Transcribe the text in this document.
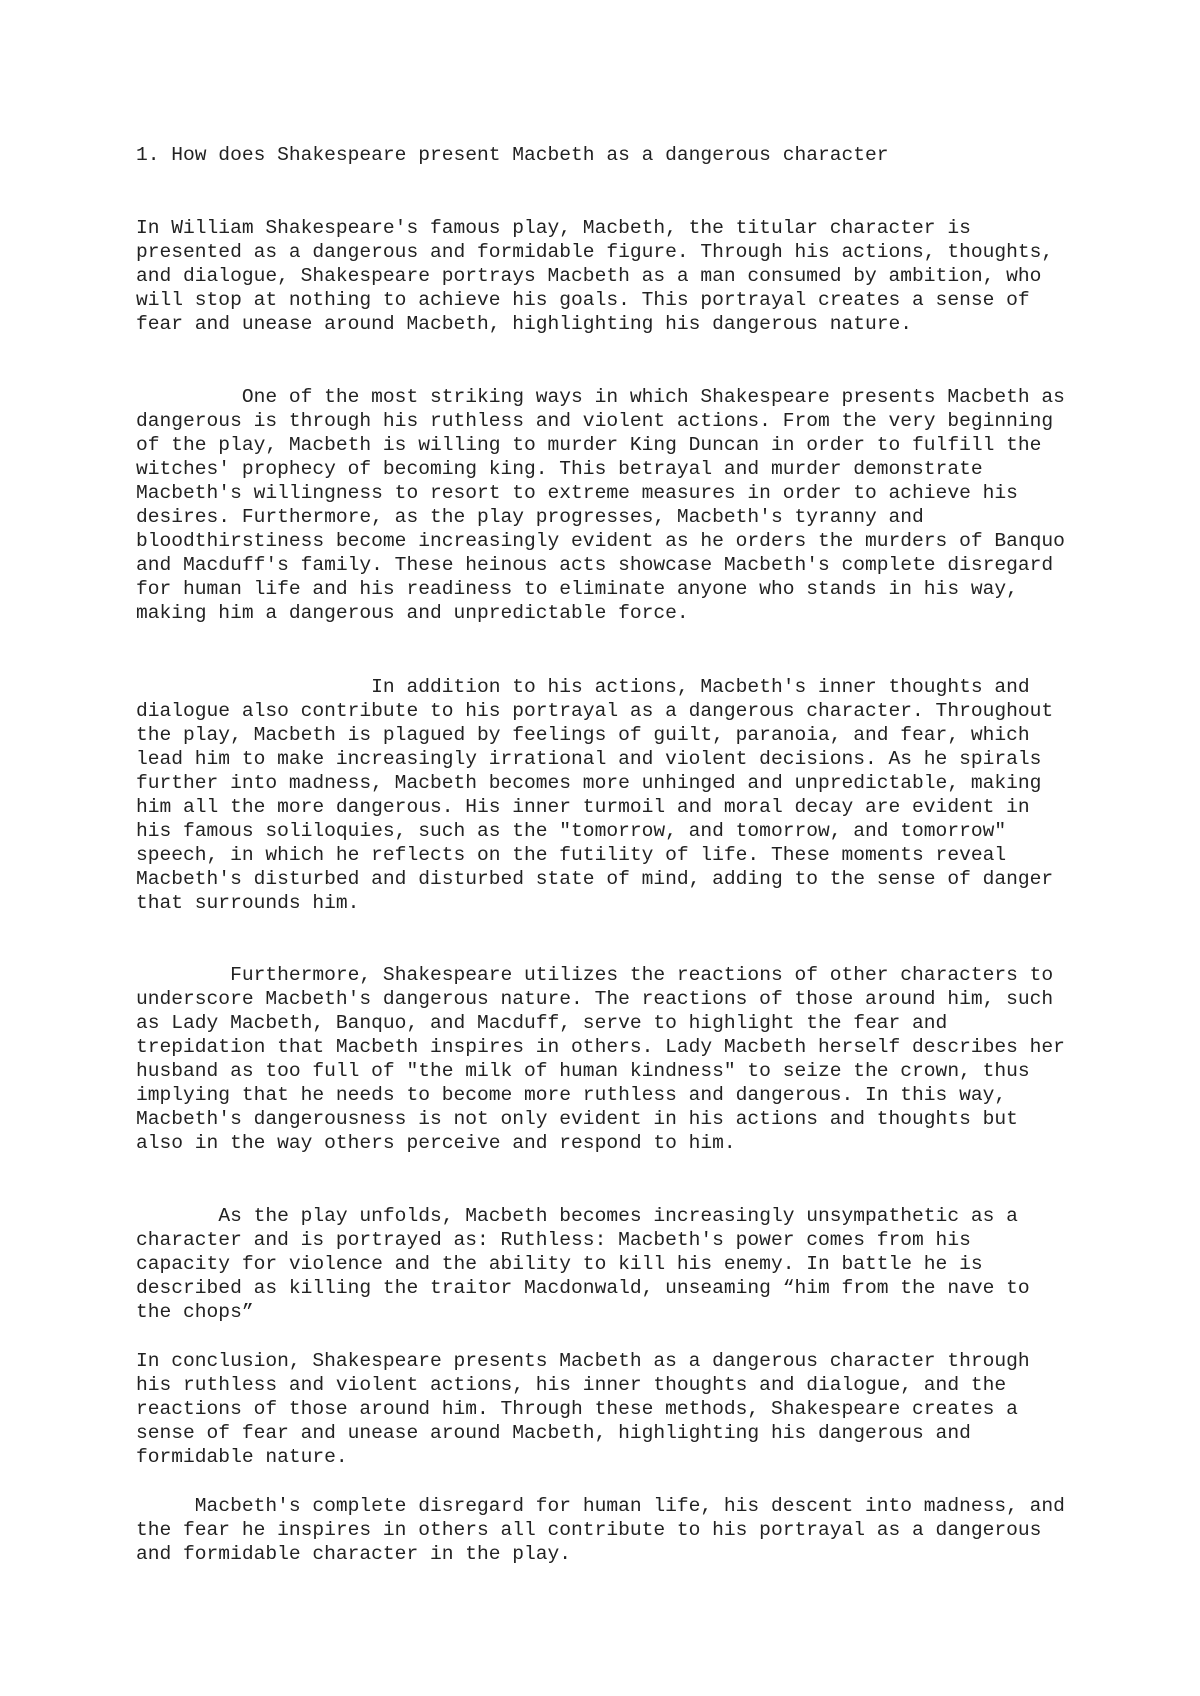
1. How does Shakespeare present Macbeth as a dangerous character
In William Shakespeare's famous play, Macbeth, the titular character is presented as a dangerous and formidable figure. Through his actions, thoughts, and dialogue, Shakespeare portrays Macbeth as a man consumed by ambition, who will stop at nothing to achieve his goals. This portrayal creates a sense of fear and unease around Macbeth, highlighting his dangerous nature.
One of the most striking ways in which Shakespeare presents Macbeth as dangerous is through his ruthless and violent actions. From the very beginning of the play, Macbeth is willing to murder King Duncan in order to fulfill the witches' prophecy of becoming king. This betrayal and murder demonstrate Macbeth's willingness to resort to extreme measures in order to achieve his desires. Furthermore, as the play progresses, Macbeth's tyranny and bloodthirstiness become increasingly evident as he orders the murders of Banquo and Macduff's family. These heinous acts showcase Macbeth's complete disregard for human life and his readiness to eliminate anyone who stands in his way, making him a dangerous and unpredictable force.
In addition to his actions, Macbeth's inner thoughts and dialogue also contribute to his portrayal as a dangerous character. Throughout the play, Macbeth is plagued by feelings of guilt, paranoia, and fear, which lead him to make increasingly irrational and violent decisions. As he spirals further into madness, Macbeth becomes more unhinged and unpredictable, making him all the more dangerous. His inner turmoil and moral decay are evident in his famous soliloquies, such as the "tomorrow, and tomorrow, and tomorrow" speech, in which he reflects on the futility of life. These moments reveal Macbeth's disturbed and disturbed state of mind, adding to the sense of danger that surrounds him.
Furthermore, Shakespeare utilizes the reactions of other characters to underscore Macbeth's dangerous nature. The reactions of those around him, such as Lady Macbeth, Banquo, and Macduff, serve to highlight the fear and trepidation that Macbeth inspires in others. Lady Macbeth herself describes her husband as too full of "the milk of human kindness" to seize the crown, thus implying that he needs to become more ruthless and dangerous. In this way, Macbeth's dangerousness is not only evident in his actions and thoughts but also in the way others perceive and respond to him.
As the play unfolds, Macbeth becomes increasingly unsympathetic as a character and is portrayed as: Ruthless: Macbeth's power comes from his capacity for violence and the ability to kill his enemy. In battle he is described as killing the traitor Macdonwald, unseaming “him from the nave to the chops”
In conclusion, Shakespeare presents Macbeth as a dangerous character through his ruthless and violent actions, his inner thoughts and dialogue, and the reactions of those around him. Through these methods, Shakespeare creates a sense of fear and unease around Macbeth, highlighting his dangerous and formidable nature.
Macbeth's complete disregard for human life, his descent into madness, and the fear he inspires in others all contribute to his portrayal as a dangerous and formidable character in the play.
